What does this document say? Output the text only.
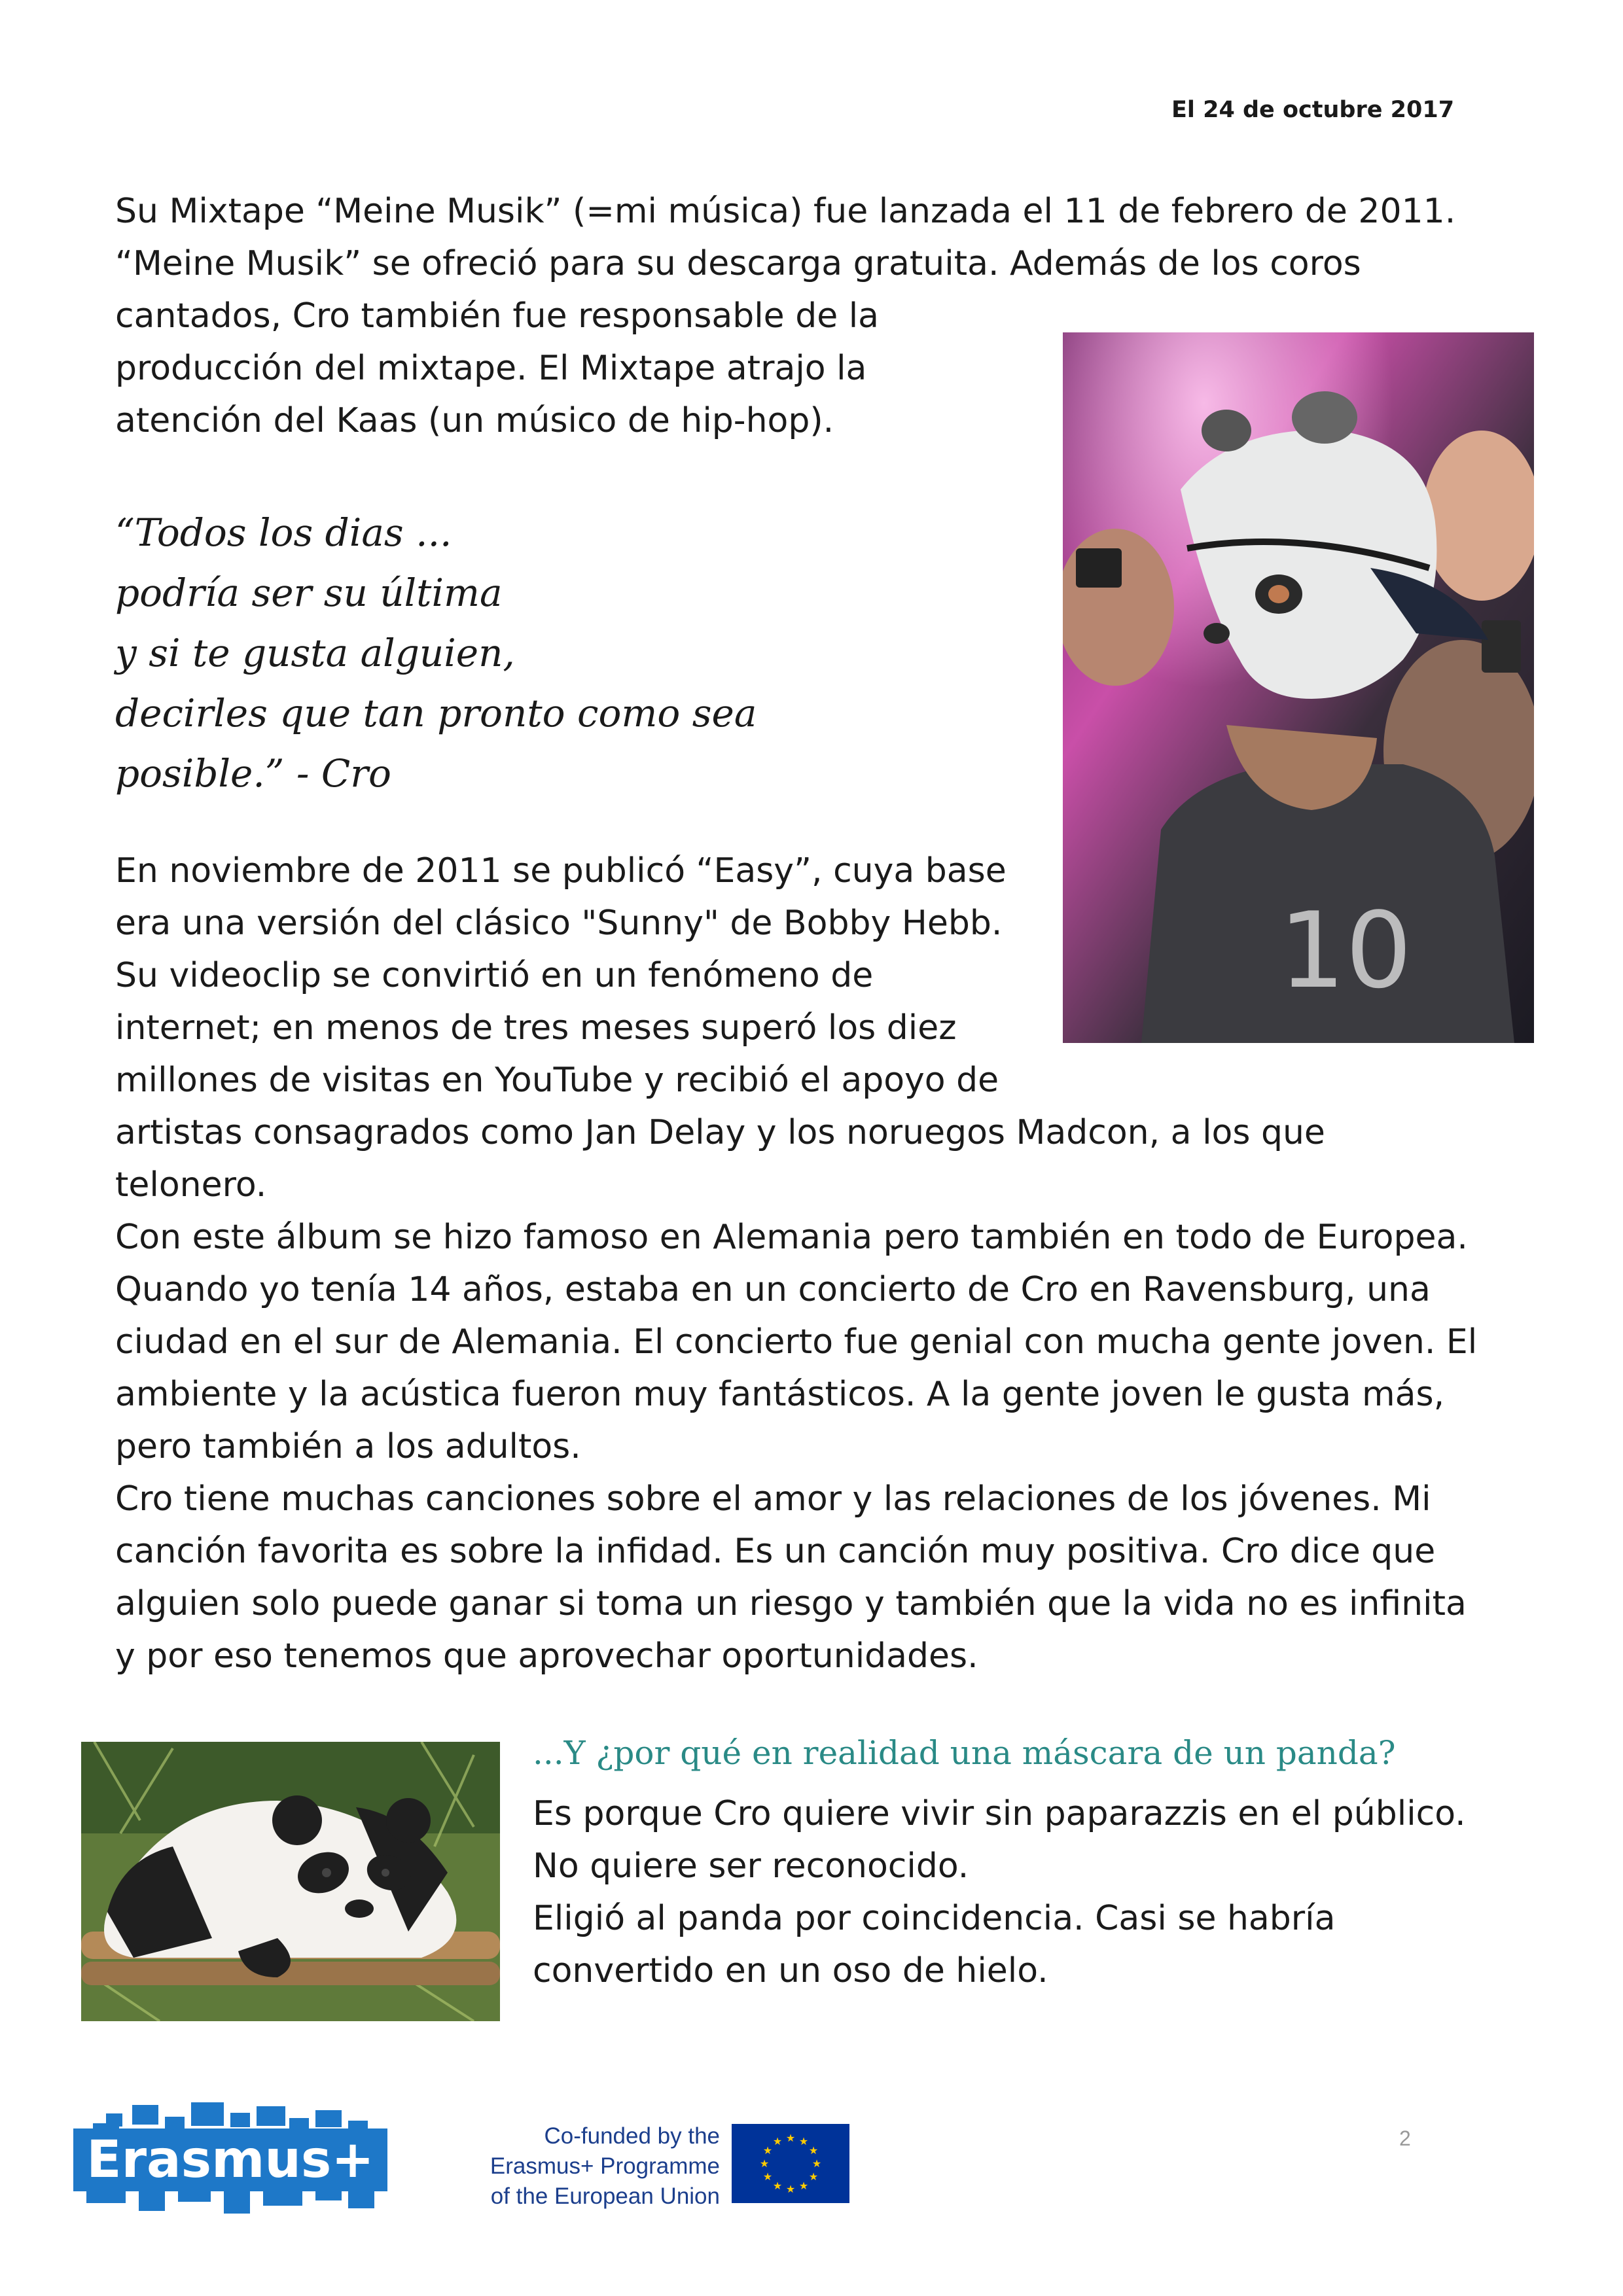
El 24 de octubre 2017

Su Mixtape “Meine Musik” (=mi música) fue lanzada el 11 de febrero de 2011.
“Meine Musik” se ofreció para su descarga gratuita. Además de los coros
cantados, Cro también fue responsable de la
producción del mixtape. El Mixtape atrajo la
atención del Kaas (un músico de hip-hop).

“Todos los dias ...
podría ser su última
y si te gusta alguien,
decirles que tan pronto como sea
posible.” - Cro

10

En noviembre de 2011 se publicó “Easy”, cuya base
era una versión del clásico "Sunny" de Bobby Hebb.
Su videoclip se convirtió en un fenómeno de
internet; en menos de tres meses superó los diez
millones de visitas en YouTube y recibió el apoyo de
artistas consagrados como Jan Delay y los noruegos Madcon, a los que
telonero.
Con este álbum se hizo famoso en Alemania pero también en todo de Europea.
Quando yo tenía 14 años, estaba en un concierto de Cro en Ravensburg, una
ciudad en el sur de Alemania. El concierto fue genial con mucha gente joven. El
ambiente y la acústica fueron muy fantásticos. A la gente joven le gusta más,
pero también a los adultos.
Cro tiene muchas canciones sobre el amor y las relaciones de los jóvenes. Mi
canción favorita es sobre la infidad. Es un canción muy positiva. Cro dice que
alguien solo puede ganar si toma un riesgo y también que la vida no es infinita
y por eso tenemos que aprovechar oportunidades.

...Y ¿por qué en realidad una máscara de un panda?

Es porque Cro quiere vivir sin paparazzis en el público.
No quiere ser reconocido.
Eligió al panda por coincidencia. Casi se habría
convertido en un oso de hielo.

Erasmus+	Co-funded by the
Erasmus+ Programme
of the European Union
★ ★
★
★
★
★
★
★
★
★
★
★	2
